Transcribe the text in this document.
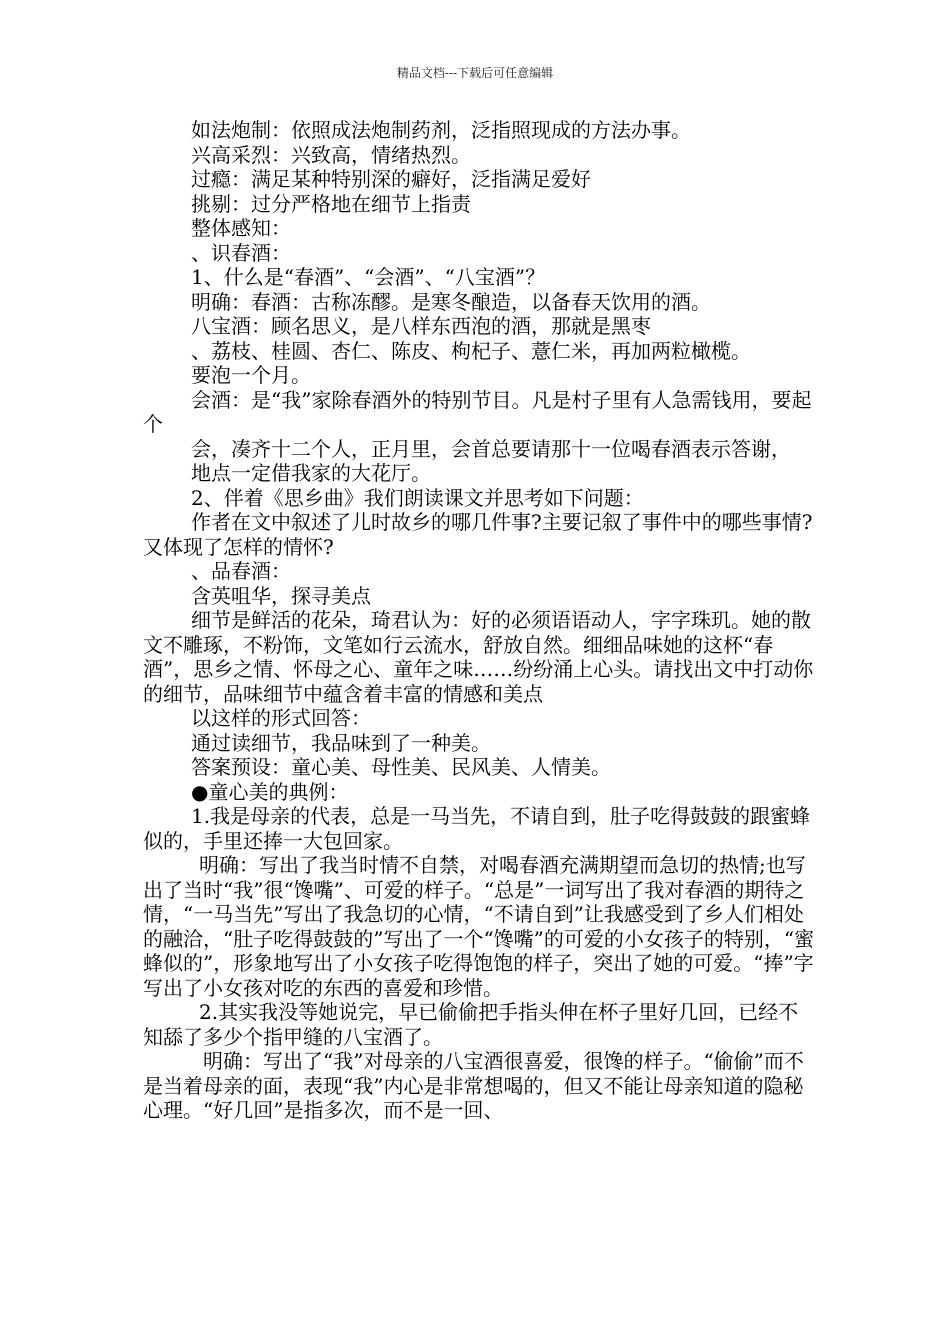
精品文档---下载后可任意编辑

如法炮制：依照成法炮制药剂，泛指照现成的方法办事。

兴高采烈：兴致高，情绪热烈。

过瘾：满足某种特别深的癖好，泛指满足爱好

挑剔：过分严格地在细节上指责

整体感知：

、识春酒：

1、什么是“春酒”、“会酒”、“八宝酒”？

明确：春酒：古称冻醪。是寒冬酿造，以备春天饮用的酒。

八宝酒：顾名思义，是八样东西泡的酒，那就是黑枣

、荔枝、桂圆、杏仁、陈皮、枸杞子、薏仁米，再加两粒橄榄。

要泡一个月。

会酒：是“我”家除春酒外的特别节目。凡是村子里有人急需钱用，要起个

会，凑齐十二个人，正月里，会首总要请那十一位喝春酒表示答谢，

地点一定借我家的大花厅。

2、伴着《思乡曲》我们朗读课文并思考如下问题：

作者在文中叙述了儿时故乡的哪几件事?主要记叙了事件中的哪些事情?又体现了怎样的情怀?

、品春酒：

含英咀华，探寻美点

细节是鲜活的花朵，琦君认为：好的必须语语动人，字字珠玑。她的散文不雕琢，不粉饰，文笔如行云流水，舒放自然。细细品味她的这杯“春酒”，思乡之情、怀母之心、童年之味……纷纷涌上心头。请找出文中打动你的细节，品味细节中蕴含着丰富的情感和美点

以这样的形式回答：

通过读细节，我品味到了一种美。

答案预设：童心美、母性美、民风美、人情美。

●童心美的典例：

1.我是母亲的代表，总是一马当先，不请自到，肚子吃得鼓鼓的跟蜜蜂似的，手里还捧一大包回家。

明确：写出了我当时情不自禁，对喝春酒充满期望而急切的热情;也写出了当时“我”很“馋嘴”、可爱的样子。“总是”一词写出了我对春酒的期待之情，“一马当先”写出了我急切的心情，“不请自到”让我感受到了乡人们相处的融洽，“肚子吃得鼓鼓的”写出了一个“馋嘴”的可爱的小女孩子的特别，“蜜蜂似的”，形象地写出了小女孩子吃得饱饱的样子，突出了她的可爱。“捧”字写出了小女孩对吃的东西的喜爱和珍惜。

2.其实我没等她说完，早已偷偷把手指头伸在杯子里好几回，已经不知舔了多少个指甲缝的八宝酒了。

明确：写出了“我”对母亲的八宝酒很喜爱，很馋的样子。“偷偷”而不是当着母亲的面，表现“我”内心是非常想喝的，但又不能让母亲知道的隐秘心理。“好几回”是指多次，而不是一回、
